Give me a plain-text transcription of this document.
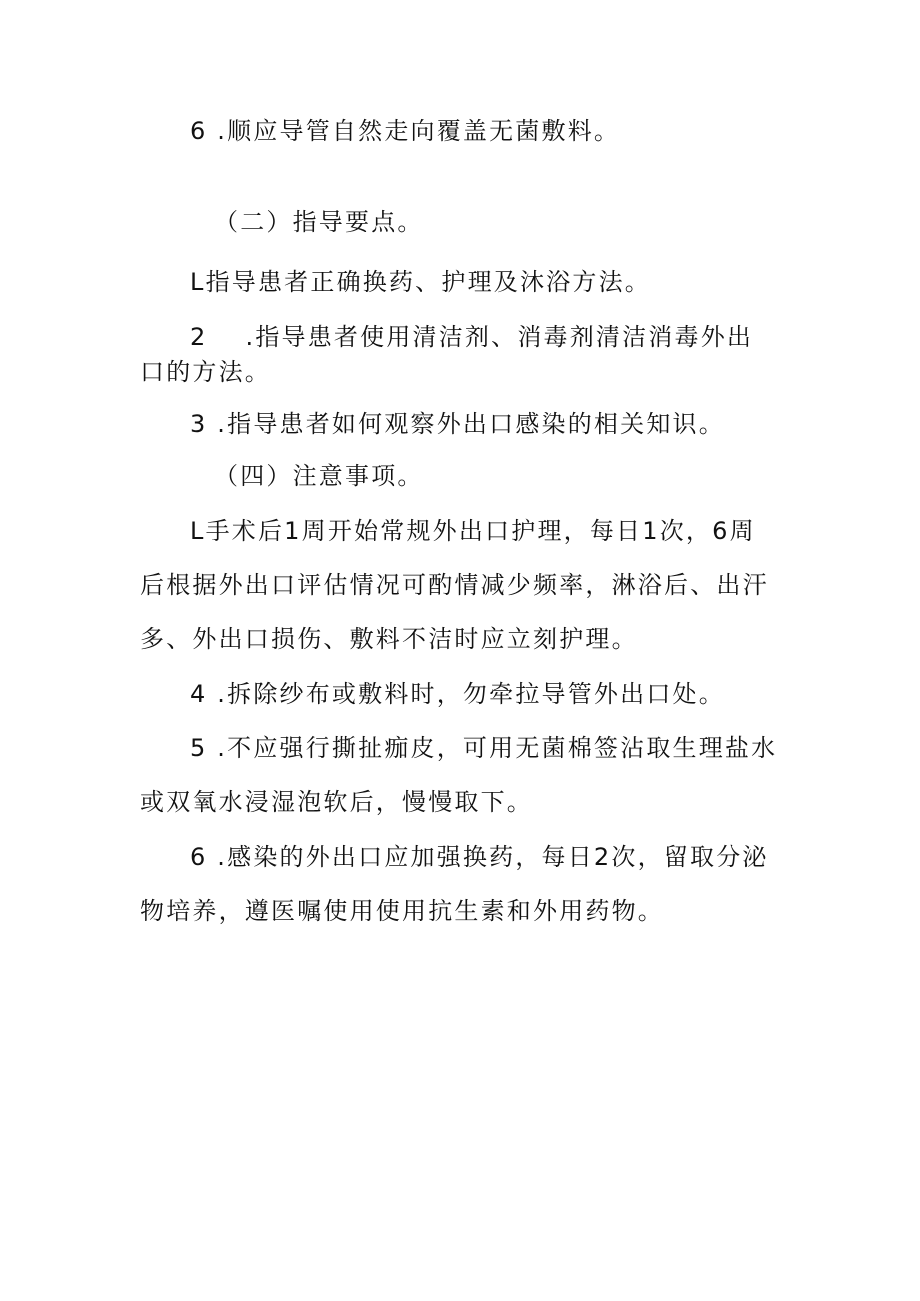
6 .顺应导管自然走向覆盖无菌敷料。
（二）指导要点。
L指导患者正确换药、护理及沐浴方法。
2 .指导患者使用清洁剂、消毒剂清洁消毒外出
口的方法。
3 .指导患者如何观察外出口感染的相关知识。
（四）注意事项。
L手术后1周开始常规外出口护理，每日1次，6周
后根据外出口评估情况可酌情减少频率，淋浴后、出汗
多、外出口损伤、敷料不洁时应立刻护理。
4 .拆除纱布或敷料时，勿牵拉导管外出口处。
5 .不应强行撕扯痂皮，可用无菌棉签沾取生理盐水
或双氧水浸湿泡软后，慢慢取下。
6 .感染的外出口应加强换药，每日2次，留取分泌
物培养，遵医嘱使用使用抗生素和外用药物。
